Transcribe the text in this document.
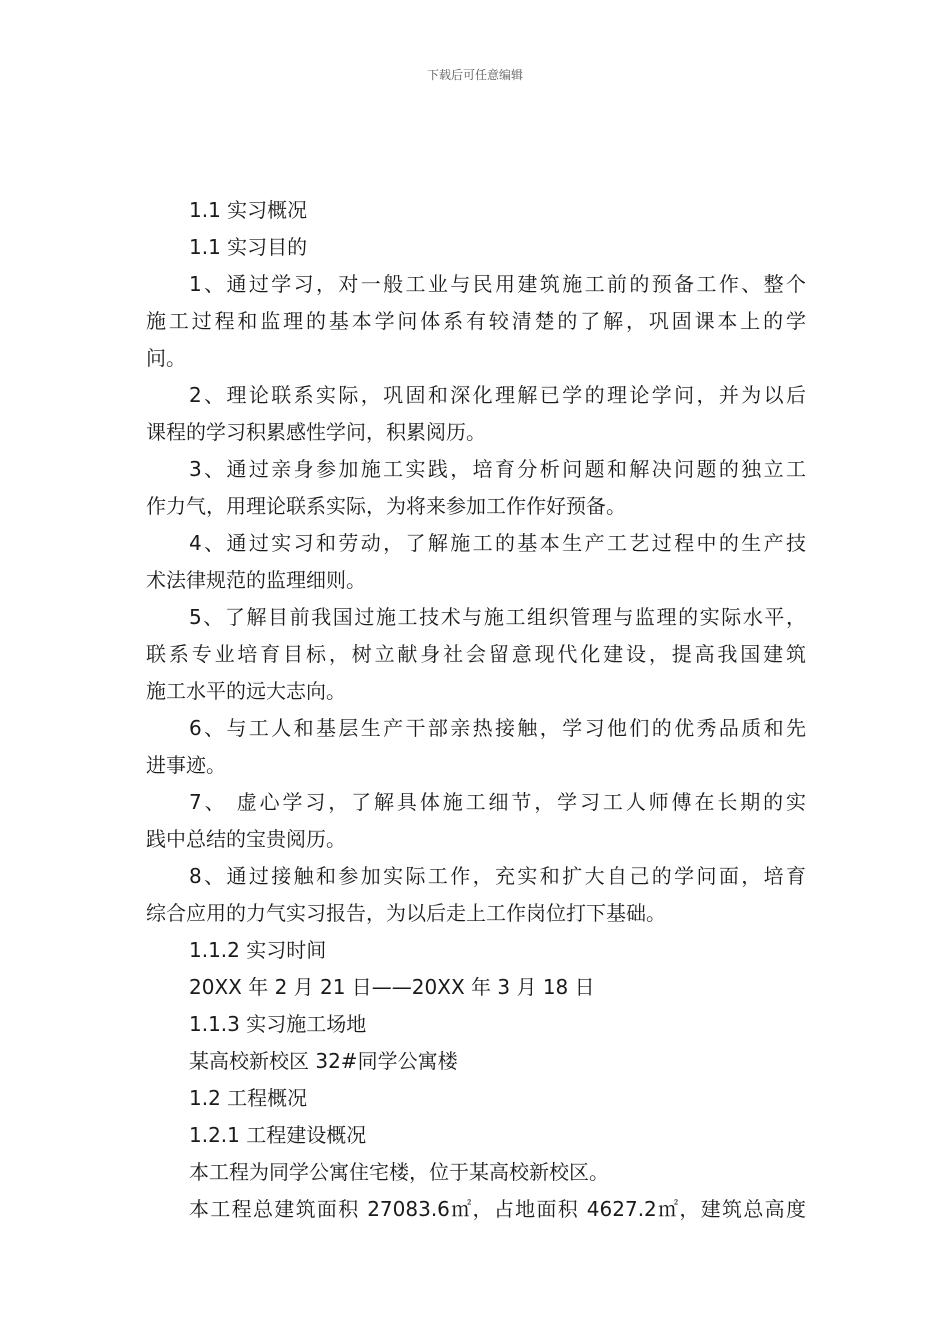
下载后可任意编辑

1.1 实习概况

1.1 实习目的

1、通过学习，对一般工业与民用建筑施工前的预备工作、整个

施工过程和监理的基本学问体系有较清楚的了解，巩固课本上的学

问。

2、理论联系实际，巩固和深化理解已学的理论学问，并为以后

课程的学习积累感性学问，积累阅历。

3、通过亲身参加施工实践，培育分析问题和解决问题的独立工

作力气，用理论联系实际，为将来参加工作作好预备。

4、通过实习和劳动，了解施工的基本生产工艺过程中的生产技

术法律规范的监理细则。

5、了解目前我国过施工技术与施工组织管理与监理的实际水平，

联系专业培育目标，树立献身社会留意现代化建设，提高我国建筑

施工水平的远大志向。

6、与工人和基层生产干部亲热接触，学习他们的优秀品质和先

进事迹。

7、 虚心学习，了解具体施工细节，学习工人师傅在长期的实

践中总结的宝贵阅历。

8、通过接触和参加实际工作，充实和扩大自己的学问面，培育

综合应用的力气实习报告，为以后走上工作岗位打下基础。

1.1.2 实习时间

20XX 年 2 月 21 日——20XX 年 3 月 18 日

1.1.3 实习施工场地

某高校新校区 32#同学公寓楼

1.2 工程概况

1.2.1 工程建设概况

本工程为同学公寓住宅楼，位于某高校新校区。

本工程总建筑面积 27083.6㎡，占地面积 4627.2㎡，建筑总高度
